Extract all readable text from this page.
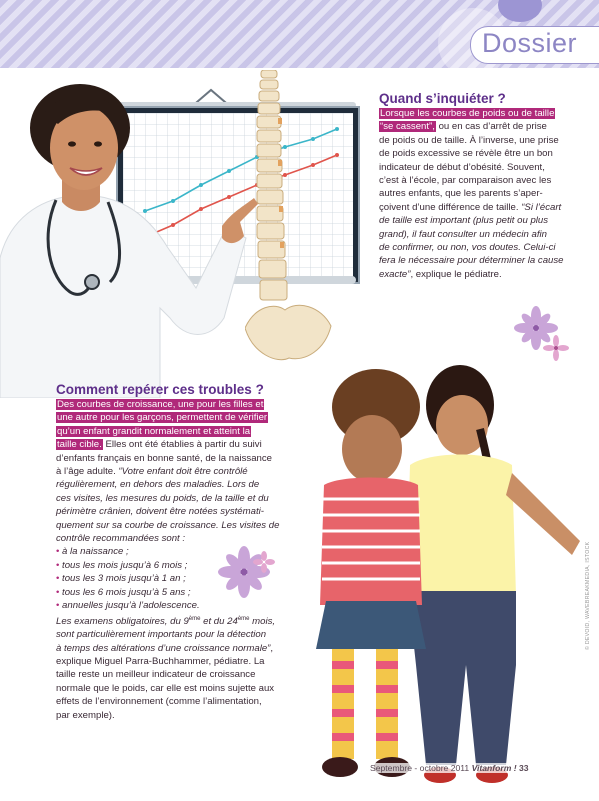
Dossier
Quand s’inquiéter ?
Lorsque les courbes de poids ou de taille
“se cassent”, ou en cas d’arrêt de prise
de poids ou de taille. À l’inverse, une prise
de poids excessive se révèle être un bon
indicateur de début d’obésité. Souvent,
c’est à l’école, par comparaison avec les
autres enfants, que les parents s’aper-
çoivent d’une différence de taille. “Si l’écart
de taille est important (plus petit ou plus
grand), il faut consulter un médecin afin
de confirmer, ou non, vos doutes. Celui-ci
fera le nécessaire pour déterminer la cause
exacte”, explique le pédiatre.
Comment repérer ces troubles ?
Des courbes de croissance, une pour les filles et
une autre pour les garçons, permettent de vérifier
qu’un enfant grandit normalement et atteint la
taille cible. Elles ont été établies à partir du suivi
d’enfants français en bonne santé, de la naissance
à l’âge adulte. “Votre enfant doit être contrôlé
régulièrement, en dehors des maladies. Lors de
ces visites, les mesures du poids, de la taille et du
périmètre crânien, doivent être notées systémati-
quement sur sa courbe de croissance. Les visites de
contrôle recommandées sont :
• à la naissance ;
• tous les mois jusqu’à 6 mois ;
• tous les 3 mois jusqu’à 1 an ;
• tous les 6 mois jusqu’à 5 ans ;
• annuelles jusqu’à l’adolescence.
Les examens obligatoires, du 9ème et du 24ème mois,
sont particulièrement importants pour la détection
à temps des altérations d’une croissance normale”,
explique Miguel Parra-Buchhammer, pédiatre. La
taille reste un meilleur indicateur de croissance
normale que le poids, car elle est moins sujette aux
effets de l’environnement (comme l’alimentation,
par exemple).
© DEVOID, WAVEBREAKMEDIA, ISTOCK
Septembre - octobre 2011 Vitanform ! 33
